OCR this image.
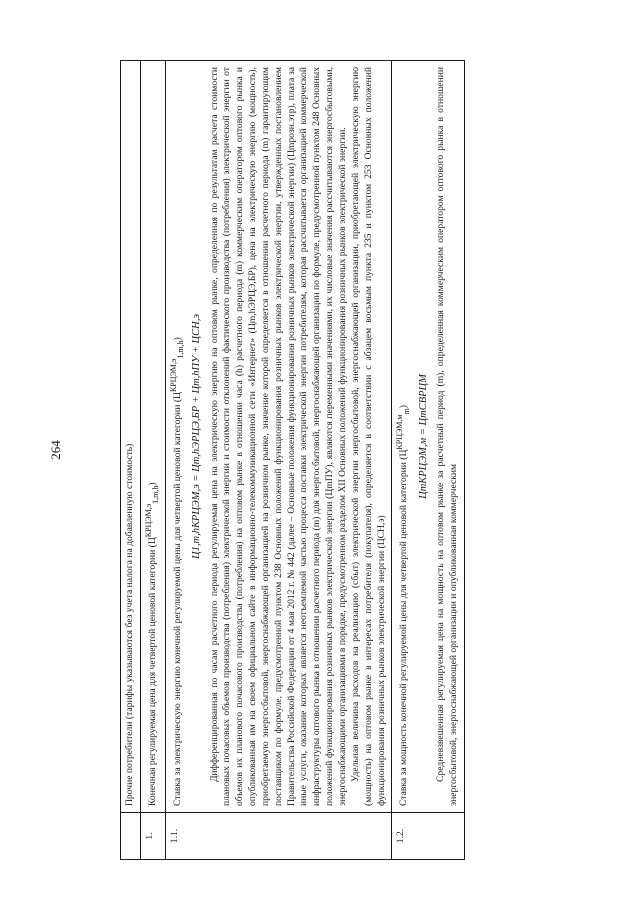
264
		Прочие потребители (тарифы указываются без учета налога на добавленную стоимость)
1.	Конечная регулируемая цена для четвертой ценовой категории $(Ц^{КРЦЭМ,э}_{1,m,h})$
1.1.	Ставка за электрическую энергию конечной регулируемой цены для четвертой ценовой категории $(Ц^{КРЦЭМ,э}_{1,m,h})$ Ц1,m,hКРЦЭМ,э = Цm,hЭРЦЭ,БР + Цm,hПУ + ЦСН,э Дифференцированная по часам расчетного периода регулируемая цена на электрическую энергию на оптовом рынке, определенная по результатам расчета стоимости плановых почасовых объемов производства (потребления) электрической энергии и стоимости отклонений фактического производства (потребления) электрической энергии от объемов их планового почасового производства (потребления) на оптовом рынке в отношении часа (h) расчетного периода (m) коммерческим оператором оптового рынка и опубликованная им на своем официальном сайте в информационно-телекоммуникационной сети «Интернет» (Цm,hЭРЦЭ,БР), цена на электрическую энергию (мощность), приобретаемую энергосбытовой, энергоснабжающей организацией на розничном рынке, значение которой определяется в отношении расчетного периода (m) гарантирующим поставщиком по формуле, предусмотренной пунктом 238 Основных положений функционирования розничных рынков электрической энергии, утвержденных постановлением Правительства Российской Федерации от 4 мая 2012 г. № 442 (далее – Основные положения функционирования розничных рынков электрической энергии) (Цmрозн.этр), плата за иные услуги, оказание которых является неотъемлемой частью процесса поставки электрической энергии потребителям, которая рассчитывается организацией коммерческой инфраструктуры оптового рынка в отношении расчетного периода (m) для энергосбытовой, энергоснабжающей организации по формуле, предусмотренной пунктом 248 Основных положений функционирования розничных рынков электрической энергии (ЦmПУ), являются переменными значениями, их числовые значения рассчитываются энергосбытовыми, энергоснабжающими организациями в порядке, предусмотренном разделом XII Основных положений функционирования розничных рынков электрической энергии. Удельная величина расходов на реализацию (сбыт) электрической энергии энергосбытовой, энергоснабжающей организации, приобретающей электрическую энергию (мощность) на оптовом рынке в интересах потребителя (покупателя), определяется в соответствии с абзацем восьмым пункта 235 и пунктом 253 Основных положений функционирования розничных рынков электрической энергии (ЦСН,э)

1.2.	Ставка за мощность конечной регулируемой цены для четвертой ценовой категории $(Ц^{КРЦЭМ,м}_m)$ ЦmКРЦЭМ,м = ЦmСВРЦМ Средневзвешенная регулируемая цена на мощность на оптовом рынке за расчетный период (m), определенная коммерческим оператором оптового рынка в отношении энергосбытовой, энергоснабжающей организации и опубликованная коммерческим
